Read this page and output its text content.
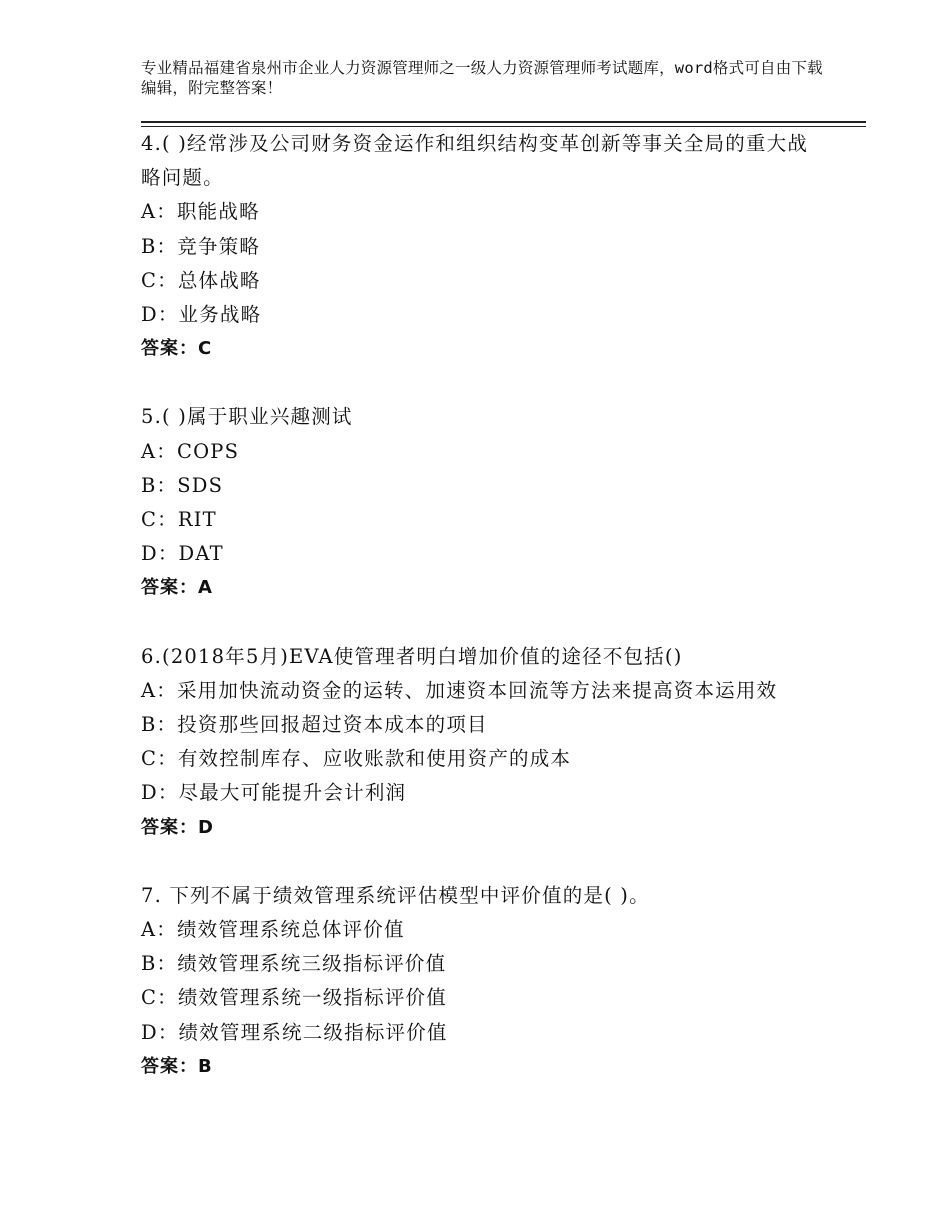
专业精品福建省泉州市企业人力资源管理师之一级人力资源管理师考试题库，word格式可自由下载编辑，附完整答案！
4.( )经常涉及公司财务资金运作和组织结构变革创新等事关全局的重大战略问题。
A：职能战略
B：竞争策略
C：总体战略
D：业务战略
答案：C
5.( )属于职业兴趣测试
A：COPS
B：SDS
C：RIT
D：DAT
答案：A
6.(2018年5月)EVA使管理者明白增加价值的途径不包括()
A：采用加快流动资金的运转、加速资本回流等方法来提高资本运用效
B：投资那些回报超过资本成本的项目
C：有效控制库存、应收账款和使用资产的成本
D：尽最大可能提升会计利润
答案：D
7. 下列不属于绩效管理系统评估模型中评价值的是( )。
A：绩效管理系统总体评价值
B：绩效管理系统三级指标评价值
C：绩效管理系统一级指标评价值
D：绩效管理系统二级指标评价值
答案：B
